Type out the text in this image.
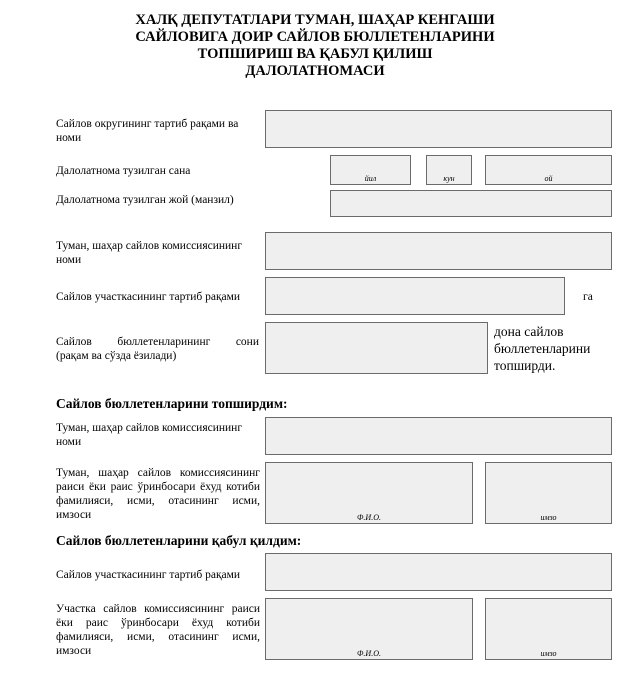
ХАЛҚ ДЕПУТАТЛАРИ ТУМАН, ШАҲАР КЕНГАШИ
САЙЛОВИГА ДОИР САЙЛОВ БЮЛЛЕТЕНЛАРИНИ
ТОПШИРИШ ВА ҚАБУЛ ҚИЛИШ
ДАЛОЛАТНОМАСИ
Сайлов округининг тартиб рақами ва номи
Далолатнома тузилган сана
йил	кун	ой
Далолатнома тузилган жой (манзил)
Туман, шаҳар сайлов комиссиясининг номи
Сайлов участкасининг тартиб рақами	га
Сайлов бюллетенларининг сони
(рақам ва сўзда ёзилади)
дона сайлов
бюллетенларини
топширди.
Сайлов бюллетенларини топширдим:
Туман, шаҳар сайлов комиссиясининг номи
Туман, шаҳар сайлов комиссиясининг раиси ёки раис ўринбосари ёхуд котиби фамилияси, исми, отасининг исми, имзоси	Ф.И.О.	имзо
Сайлов бюллетенларини қабул қилдим:
Сайлов участкасининг тартиб рақами
Участка сайлов комиссиясининг раиси ёки раис ўринбосари ёхуд котиби фамилияси, исми, отасининг исми, имзоси	Ф.И.О.	имзо
